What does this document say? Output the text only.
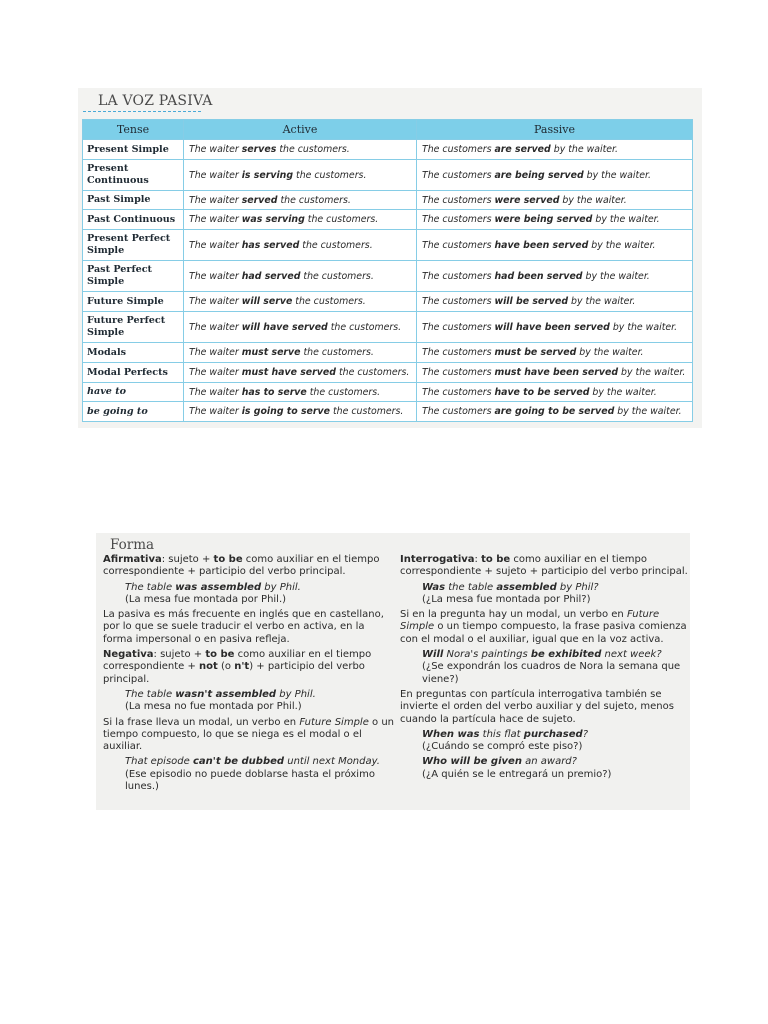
LA VOZ PASIVA
Tense	Active	Passive
Present Simple	The waiter serves the customers.	The customers are served by the waiter.
Present Continuous	The waiter is serving the customers.	The customers are being served by the waiter.
Past Simple	The waiter served the customers.	The customers were served by the waiter.
Past Continuous	The waiter was serving the customers.	The customers were being served by the waiter.
Present Perfect Simple	The waiter has served the customers.	The customers have been served by the waiter.
Past Perfect Simple	The waiter had served the customers.	The customers had been served by the waiter.
Future Simple	The waiter will serve the customers.	The customers will be served by the waiter.
Future Perfect Simple	The waiter will have served the customers.	The customers will have been served by the waiter.
Modals	The waiter must serve the customers.	The customers must be served by the waiter.
Modal Perfects	The waiter must have served the customers.	The customers must have been served by the waiter.
have to	The waiter has to serve the customers.	The customers have to be served by the waiter.
be going to	The waiter is going to serve the customers.	The customers are going to be served by the waiter.
Forma

Afirmativa: sujeto + to be como auxiliar en el tiempo correspondiente + participio del verbo principal.

The table was assembled by Phil.
(La mesa fue montada por Phil.)

La pasiva es más frecuente en inglés que en castellano, por lo que se suele traducir el verbo en activa, en la forma impersonal o en pasiva refleja.

Negativa: sujeto + to be como auxiliar en el tiempo correspondiente + not (o n't) + participio del verbo principal.

The table wasn't assembled by Phil.
(La mesa no fue montada por Phil.)

Si la frase lleva un modal, un verbo en Future Simple o un tiempo compuesto, lo que se niega es el modal o el auxiliar.

That episode can't be dubbed until next Monday.
(Ese episodio no puede doblarse hasta el próximo lunes.)

Interrogativa: to be como auxiliar en el tiempo correspondiente + sujeto + participio del verbo principal.

Was the table assembled by Phil?
(¿La mesa fue montada por Phil?)

Si en la pregunta hay un modal, un verbo en Future Simple o un tiempo compuesto, la frase pasiva comienza con el modal o el auxiliar, igual que en la voz activa.

Will Nora's paintings be exhibited next week?
(¿Se expondrán los cuadros de Nora la semana que viene?)

En preguntas con partícula interrogativa también se invierte el orden del verbo auxiliar y del sujeto, menos cuando la partícula hace de sujeto.

When was this flat purchased?
(¿Cuándo se compró este piso?)
Who will be given an award?
(¿A quién se le entregará un premio?)
